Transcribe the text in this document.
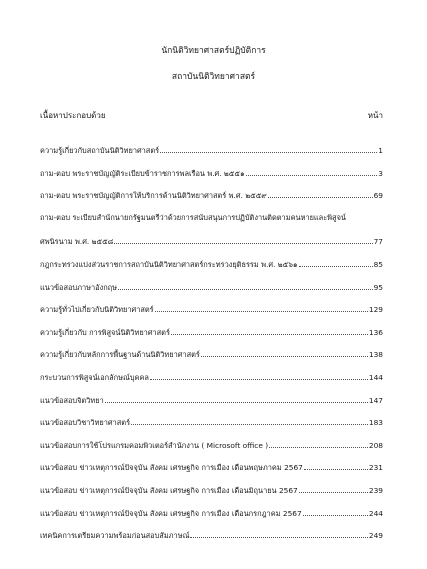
นักนิติวิทยาศาสตร์ปฏิบัติการ
สถาบันนิติวิทยาศาสตร์
เนื้อหาประกอบด้วย	หน้า
ความรู้เกี่ยวกับสถาบันนิติวิทยาศาสตร์	1
ถาม-ตอบ พระราชบัญญัติระเบียบข้าราชการพลเรือน พ.ศ. ๒๕๕๑	3
ถาม-ตอบ พระราชบัญญัติการให้บริการด้านนิติวิทยาศาสตร์ พ.ศ. ๒๕๕๙	69
ถาม-ตอบ ระเบียบสำนักนายกรัฐมนตรีว่าด้วยการสนับสนุนการปฏิบัติงานติดตามคนหายและพิสูจน์
ศพนิรนาม พ.ศ. ๒๕๕๘	77
กฎกระทรวงแบ่งส่วนราชการสถาบันนิติวิทยาศาสตร์กระทรวงยุติธรรม พ.ศ. ๒๕๖๑	85
แนวข้อสอบภาษาอังกฤษ	95
ความรู้ทั่วไปเกี่ยวกับนิติวิทยาศาสตร์	129
ความรู้เกี่ยวกับ การพิสูจน์นิติวิทยาศาสตร์	136
ความรู้เกี่ยวกับหลักการพื้นฐานด้านนิติวิทยาศาสตร์	138
กระบวนการพิสูจน์เอกลักษณ์บุคคล	144
แนวข้อสอบจิตวิทยา	147
แนวข้อสอบวิชาวิทยาศาสตร์	183
แนวข้อสอบการใช้โปรแกรมคอมพิวเตอร์สำนักงาน ( Microsoft office )	208
แนวข้อสอบ ข่าวเหตุการณ์ปัจจุบัน สังคม เศรษฐกิจ การเมือง เดือนพฤษภาคม 2567	231
แนวข้อสอบ ข่าวเหตุการณ์ปัจจุบัน สังคม เศรษฐกิจ การเมือง เดือนมิถุนายน 2567	239
แนวข้อสอบ ข่าวเหตุการณ์ปัจจุบัน สังคม เศรษฐกิจ การเมือง เดือนกรกฎาคม 2567	244
เทคนิคการเตรียมความพร้อมก่อนสอบสัมภาษณ์	249
